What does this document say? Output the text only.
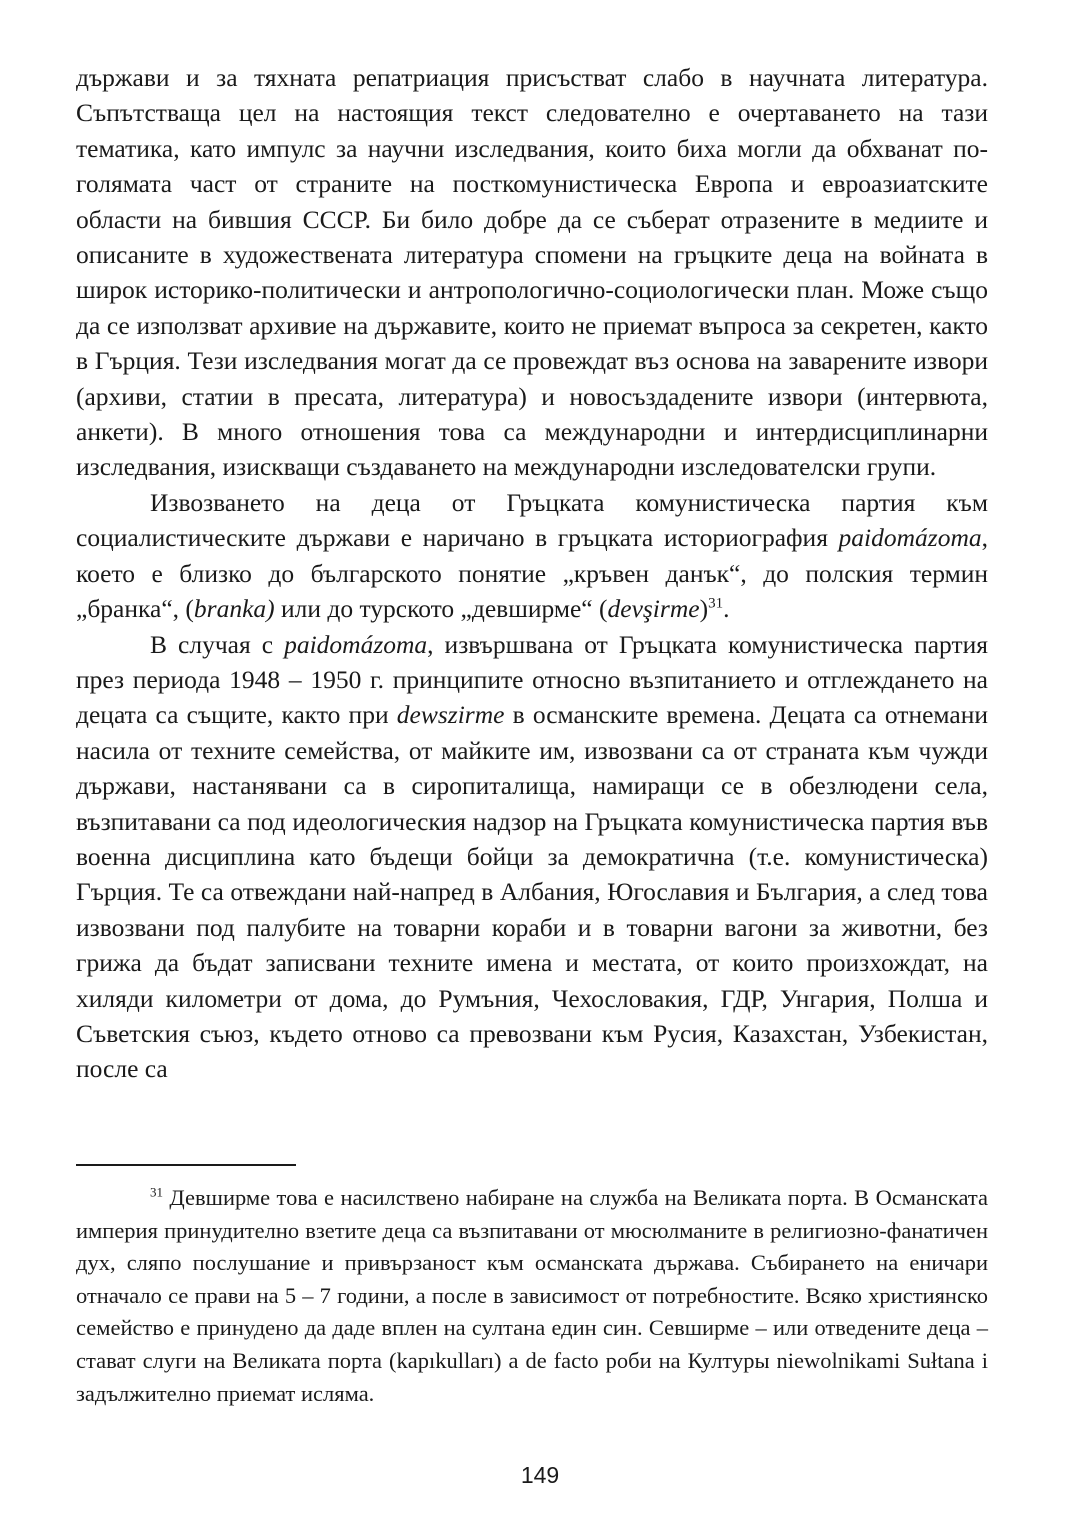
държави и за тяхната репатриация присъстват слабо в научната литература. Съпътстваща цел на настоящия текст следователно е очертаването на тази тематика, като импулс за научни изследвания, които биха могли да обхванат по-голямата част от страните на посткомунистическа Европа и евроазиатските области на бившия СССР. Би било добре да се съберат отразените в медиите и описаните в художествената литература спомени на гръцките деца на войната в широк историко-политически и антропологично-социологически план. Може също да се използват архивие на държавите, които не приемат въпроса за секретен, както в Гърция. Тези изследвания могат да се провеждат въз основа на заварените извори (архиви, статии в пресата, литература) и новосъздадените извори (интервюта, анкети). В много отношения това са международни и интердисциплинарни изследвания, изискващи създаването на международни изследователски групи.

Извозването на деца от Гръцката комунистическа партия към социалистическите държави е наричано в гръцката историография paidomázoma, което е близко до българското понятие „кръвен данък“, до полския термин „бранка“, (branka) или до турското „девширме“ (devşirme)$^{31}$.

В случая с paidomázoma, извършвана от Гръцката комунистическа партия през периода 1948 – 1950 г. принципите относно възпитанието и отглеждането на децата са същите, както при dewszirme в османските времена. Децата са отнемани насила от техните семейства, от майките им, извозвани са от страната към чужди държави, настанявани са в сиропиталища, намиращи се в обезлюдени села, възпитавани са под идеологическия надзор на Гръцката комунистическа партия във военна дисциплина като бъдещи бойци за демократична (т.е. комунистическа) Гърция. Те са отвеждани най-напред в Албания, Югославия и България, а след това извозвани под палубите на товарни кораби и в товарни вагони за животни, без грижа да бъдат записвани техните имена и местата, от които произхождат, на хиляди километри от дома, до Румъния, Чехословакия, ГДР, Унгария, Полша и Съветския съюз, където отново са превозвани към Русия, Казахстан, Узбекистан, после са

$^{31}$ Девширме това е насилствено набиране на служба на Великата порта. В Османската империя принудително взетите деца са възпитавани от мюсюлманите в религиозно-фанатичен дух, сляпо послушание и привързаност към османската държава. Събирането на еничари отначало се прави на 5 – 7 години, а после в зависимост от потребностите. Всяко християнско семейство е принудено да даде вплен на султана един син. Севширме – или отведените деца – стават слуги на Великата порта (kapıkulları) а de facto роби на Културы niewolnikami Sułtana i задължително приемат исляма.

149
